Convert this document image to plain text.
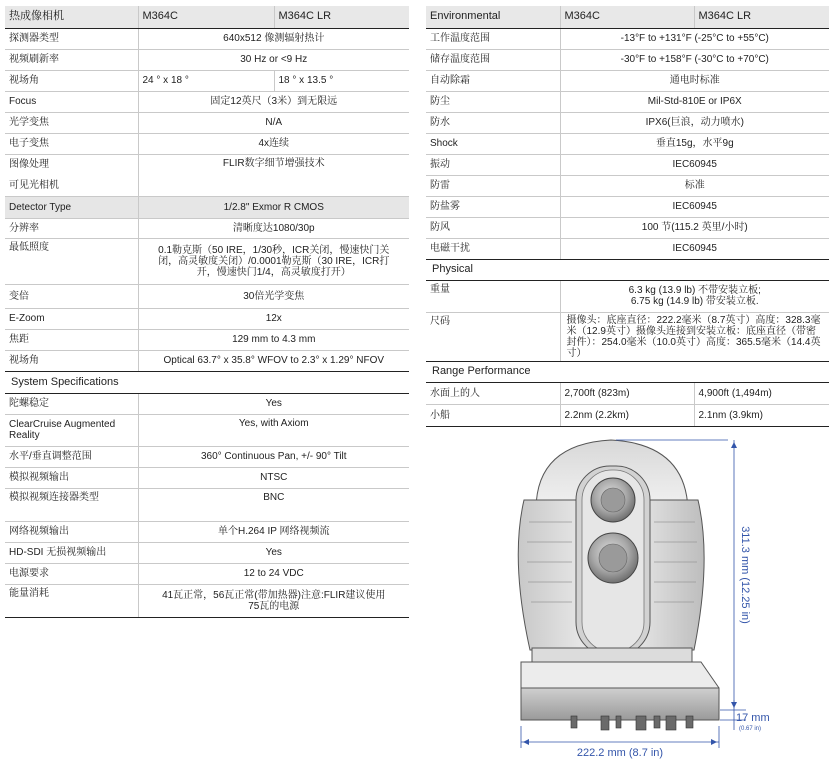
热成像相机	M364C	M364C LR
探测器类型	640x512 像测辐射热计	
视频刷新率	30 Hz or <9 Hz	
视场角	24 ° x 18 °	18 ° x 13.5 °
Focus	固定12英尺（3米）到无限远	
光学变焦	N/A	
电子变焦	4x连续	
图像处理	FLIR数字细节增强技术	
可见光相机		
Detector Type	1/2.8" Exmor R CMOS	
分辨率	清晰度达1080/30p	
最低照度	0.1勒克斯（50 IRE，1/30秒，ICR关闭，慢速快门关闭，高灵敏度关闭）/0.0001勒克斯（30 IRE，ICR打开，慢速快门1/4，高灵敏度打开）	
变倍	30倍光学变焦	
E-Zoom	12x	
焦距	129 mm to 4.3 mm	
视场角	Optical 63.7° x 35.8° WFOV to 2.3° x 1.29° NFOV	
System Specifications		
陀螺稳定	Yes	
ClearCruise Augmented Reality	Yes, with Axiom	
水平/垂直调整范围	360° Continuous Pan, +/- 90° Tilt	
模拟视频输出	NTSC	
模拟视频连接器类型	BNC	
网络视频输出	单个H.264 IP 网络视频流	
HD-SDI 无损视频输出	Yes	
电源要求	12 to 24 VDC	
能量消耗	41瓦正常，56瓦正常(带加热器)注意:FLIR建议使用75瓦的电源	
Environmental	M364C	M364C LR
工作温度范围	-13°F to +131°F (-25°C to +55°C)	
储存温度范围	-30°F to +158°F (-30°C to +70°C)	
自动除霜	通电时标准	
防尘	Mil-Std-810E or IP6X	
防水	IPX6(巨浪，动力喷水)	
Shock	垂直15g，水平9g	
振动	IEC60945	
防雷	标准	
防盐雾	IEC60945	
防风	100 节(115.2 英里/小时)	
电磁干扰	IEC60945	
Physical		
重量	6.3 kg (13.9 lb) 不带安装立板;
6.75 kg (14.9 lb) 带安装立板.	
尺码	摄像头：底座直径：222.2毫米（8.7英寸）高度：328.3毫米（12.9英寸）摄像头连接到安装立板：底座直径（带密封件）：254.0毫米（10.0英寸）高度：365.5毫米（14.4英寸）	
Range Performance		
水面上的人	2,700ft (823m)	4,900ft (1,494m)
小船	2.2nm (2.2km)	2.1nm (3.9km)
311.3 mm (12.25 in)
17 mm
(0.67 in)
222.2 mm (8.7 in)
